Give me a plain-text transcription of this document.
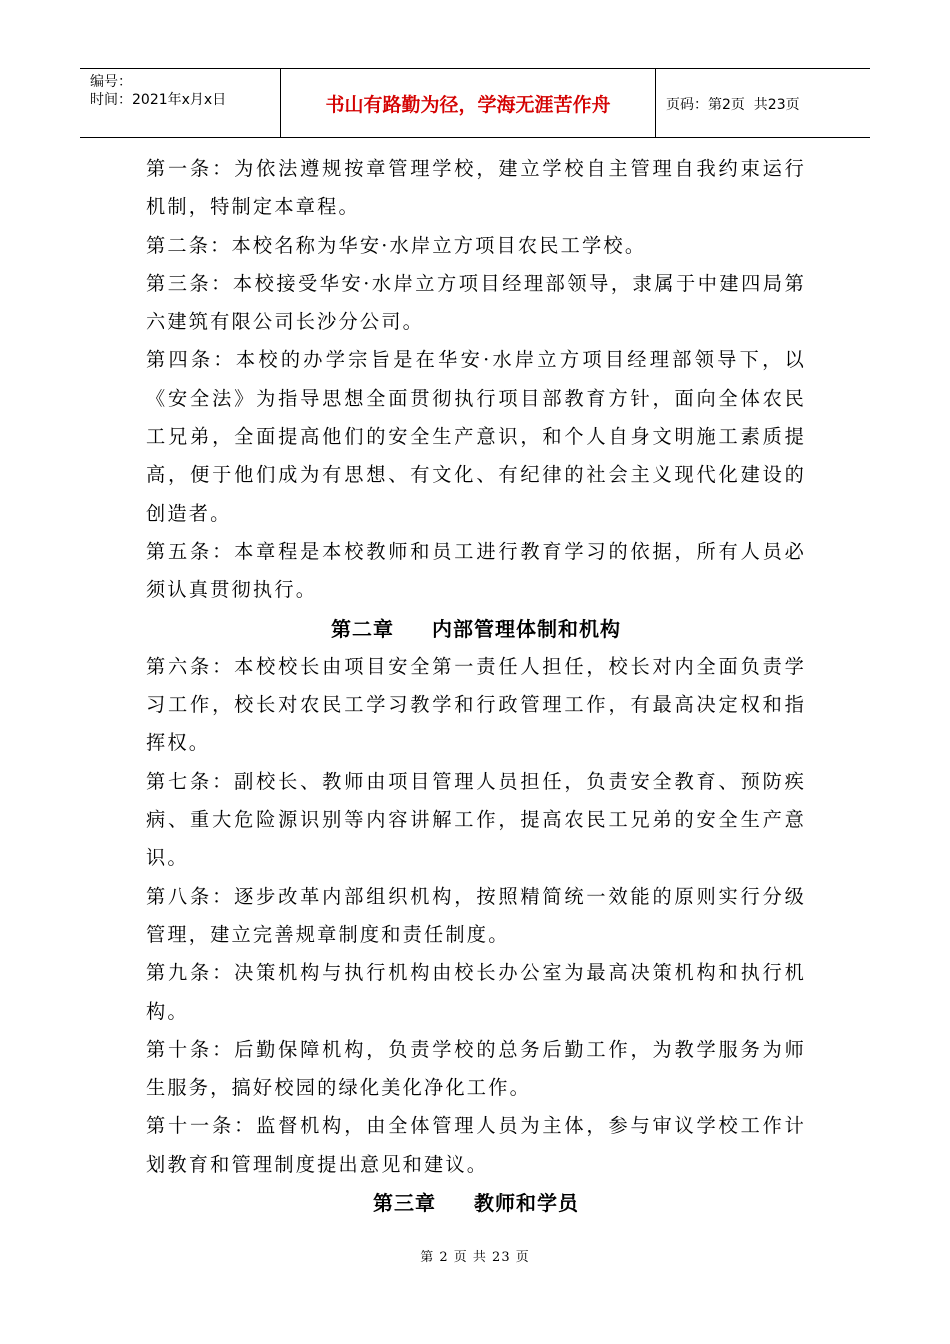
编号：
时间：2021年x月x日	书山有路勤为径，学海无涯苦作舟	页码：第2页  共23页

第一条：为依法遵规按章管理学校，建立学校自主管理自我约束运行机制，特制定本章程。

第二条：本校名称为华安·水岸立方项目农民工学校。

第三条：本校接受华安·水岸立方项目经理部领导，隶属于中建四局第六建筑有限公司长沙分公司。

第四条：本校的办学宗旨是在华安·水岸立方项目经理部领导下，以《安全法》为指导思想全面贯彻执行项目部教育方针，面向全体农民工兄弟，全面提高他们的安全生产意识，和个人自身文明施工素质提高，便于他们成为有思想、有文化、有纪律的社会主义现代化建设的创造者。

第五条：本章程是本校教师和员工进行教育学习的依据，所有人员必须认真贯彻执行。

第二章 内部管理体制和机构

第六条：本校校长由项目安全第一责任人担任，校长对内全面负责学习工作，校长对农民工学习教学和行政管理工作，有最高决定权和指挥权。

第七条：副校长、教师由项目管理人员担任，负责安全教育、预防疾病、重大危险源识别等内容讲解工作，提高农民工兄弟的安全生产意识。

第八条：逐步改革内部组织机构，按照精简统一效能的原则实行分级管理，建立完善规章制度和责任制度。

第九条：决策机构与执行机构由校长办公室为最高决策机构和执行机构。

第十条：后勤保障机构，负责学校的总务后勤工作，为教学服务为师生服务，搞好校园的绿化美化净化工作。

第十一条：监督机构，由全体管理人员为主体，参与审议学校工作计划教育和管理制度提出意见和建议。

第三章 教师和学员
第 2 页 共 23 页
